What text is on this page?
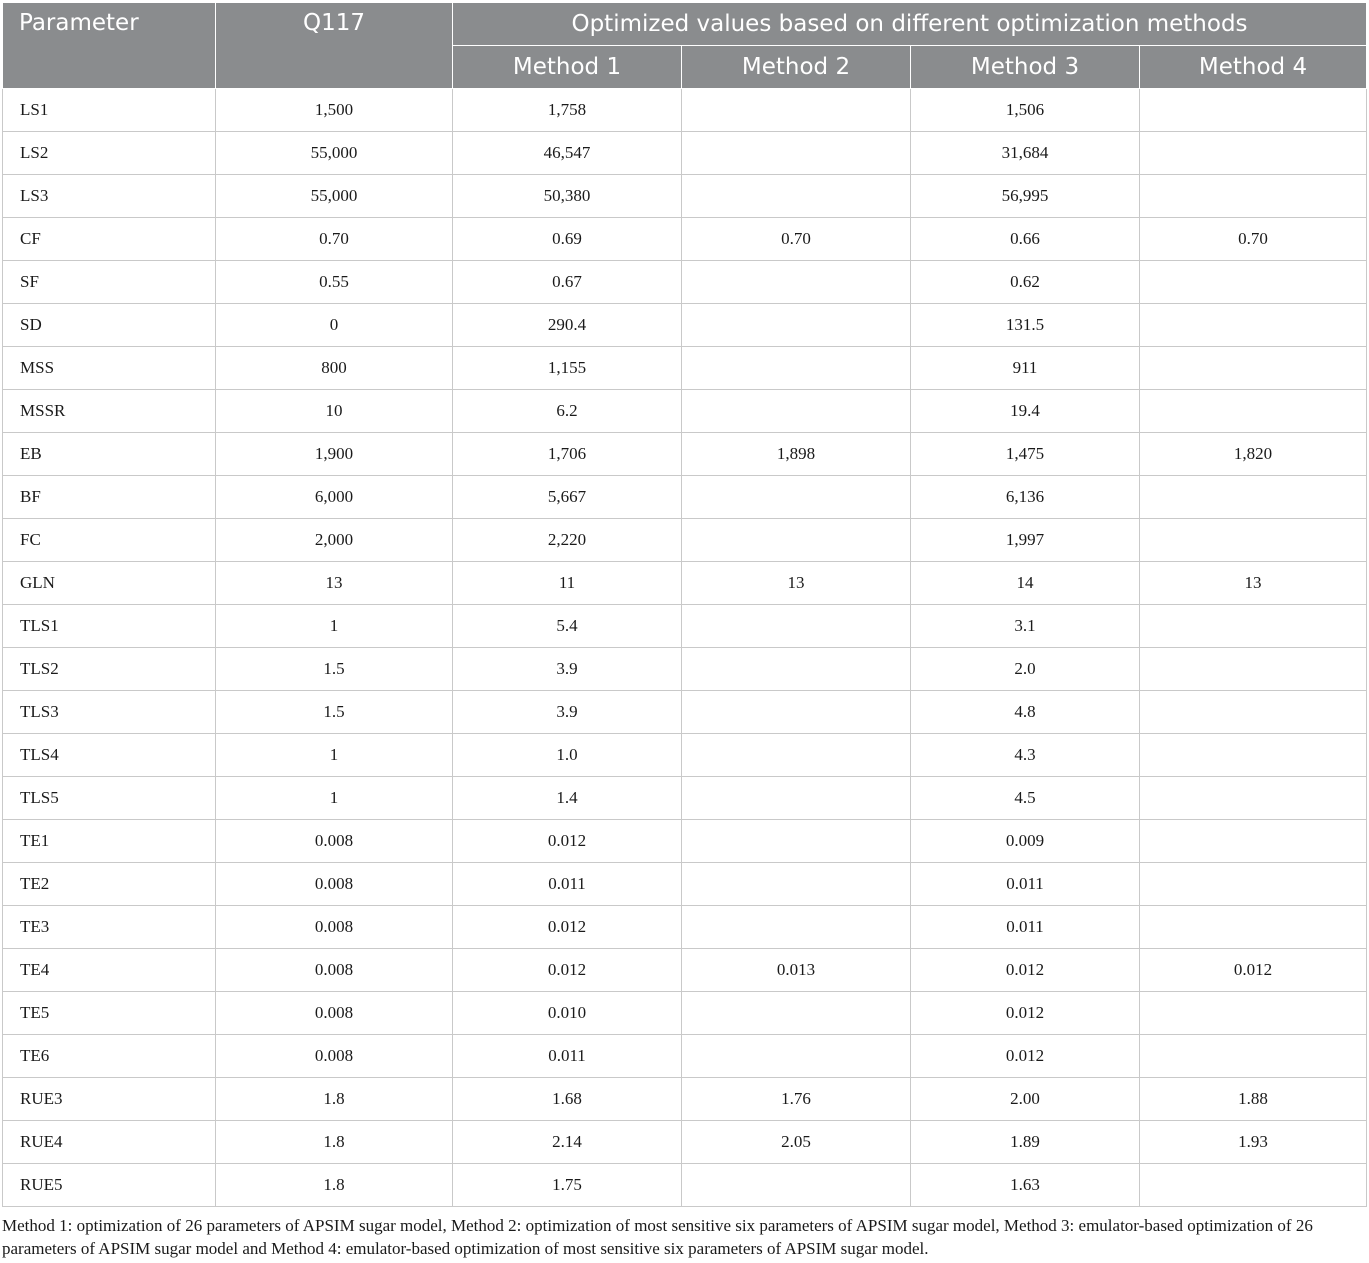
Parameter	Q117	Optimized values based on different optimization methods			
		Method 1	Method 2	Method 3	Method 4
LS1	1,500	1,758		1,506	
LS2	55,000	46,547		31,684	
LS3	55,000	50,380		56,995	
CF	0.70	0.69	0.70	0.66	0.70
SF	0.55	0.67		0.62	
SD	0	290.4		131.5	
MSS	800	1,155		911	
MSSR	10	6.2		19.4	
EB	1,900	1,706	1,898	1,475	1,820
BF	6,000	5,667		6,136	
FC	2,000	2,220		1,997	
GLN	13	11	13	14	13
TLS1	1	5.4		3.1	
TLS2	1.5	3.9		2.0	
TLS3	1.5	3.9		4.8	
TLS4	1	1.0		4.3	
TLS5	1	1.4		4.5	
TE1	0.008	0.012		0.009	
TE2	0.008	0.011		0.011	
TE3	0.008	0.012		0.011	
TE4	0.008	0.012	0.013	0.012	0.012
TE5	0.008	0.010		0.012	
TE6	0.008	0.011		0.012	
RUE3	1.8	1.68	1.76	2.00	1.88
RUE4	1.8	2.14	2.05	1.89	1.93
RUE5	1.8	1.75		1.63	
Method 1: optimization of 26 parameters of APSIM sugar model, Method 2: optimization of most sensitive six parameters of APSIM sugar model, Method 3: emulator-based optimization of 26 parameters of APSIM sugar model and Method 4: emulator-based optimization of most sensitive six parameters of APSIM sugar model.
